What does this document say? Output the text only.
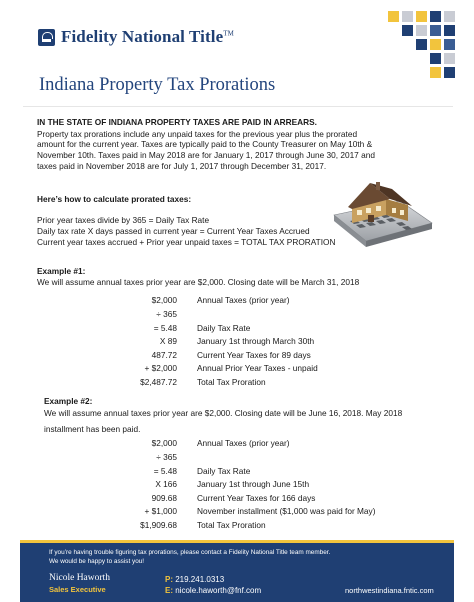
Fidelity National Title™
Indiana Property Tax Prorations
IN THE STATE OF INDIANA PROPERTY TAXES ARE PAID IN ARREARS.
Property tax prorations include any unpaid taxes for the previous year plus the prorated
amount for the current year. Taxes are typically paid to the County Treasurer on May 10th &
November 10th. Taxes paid in May 2018 are for January 1, 2017 through June 30, 2017 and
taxes paid in November 2018 are for July 1, 2017 through December 31, 2017.
Here’s how to calculate prorated taxes:
Prior year taxes divide by 365 = Daily Tax Rate
Daily tax rate X days passed in current year = Current Year Taxes Accrued
Current year taxes accrued + Prior year unpaid taxes = TOTAL TAX PRORATION
Example #1:
We will assume annual taxes prior year are $2,000. Closing date will be March 31, 2018
$2,000 Annual Taxes (prior year)
÷ 365
= 5.48 Daily Tax Rate
X 89 January 1st through March 30th
487.72 Current Year Taxes for 89 days
+ $2,000 Annual Prior Year Taxes - unpaid
$2,487.72 Total Tax Proration
Example #2:
We will assume annual taxes prior year are $2,000. Closing date will be June 16, 2018. May 2018
installment has been paid.
$2,000 Annual Taxes (prior year)
÷ 365
= 5.48 Daily Tax Rate
X 166 January 1st through June 15th
909.68 Current Year Taxes for 166 days
+ $1,000 November installment ($1,000 was paid for May)
$1,909.68 Total Tax Proration
If you’re having trouble figuring tax prorations, please contact a Fidelity National Title team member.
We would be happy to assist you!
Nicole Haworth
Sales Executive
P: 219.241.0313
E: nicole.haworth@fnf.com	northwestindiana.fntic.com
